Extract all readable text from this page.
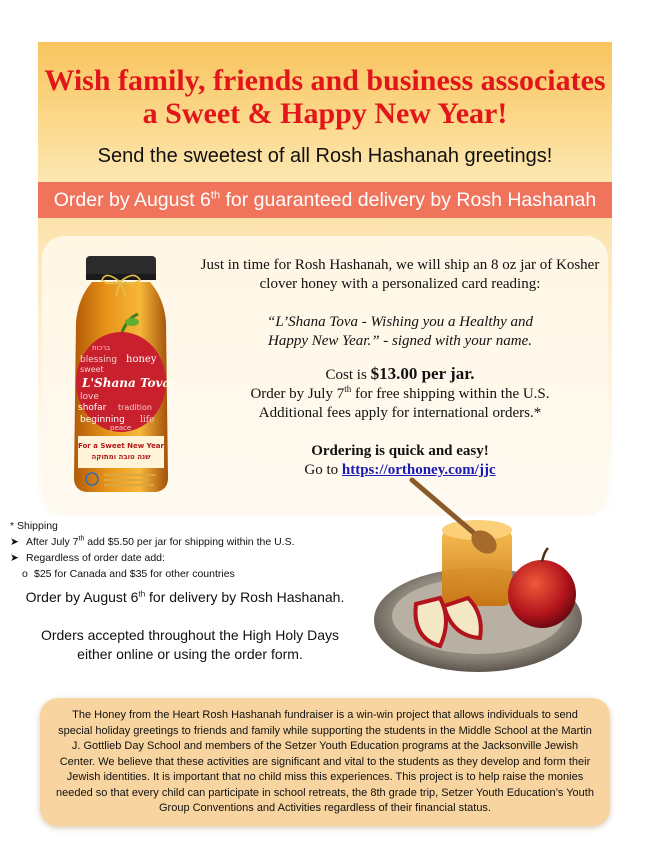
Wish family, friends and business associates a Sweet & Happy New Year!
Send the sweetest of all Rosh Hashanah greetings!
Order by August 6th for guaranteed delivery by Rosh Hashanah
ברכות
blessing honey
sweet
L'Shana Tova
love
shofar tradition
beginning life
peace
For a Sweet New Year
שנה טובה ומתוקה

Just in time for Rosh Hashanah, we will ship an 8 oz jar of Kosher clover honey with a personalized card reading:

“L’Shana Tova - Wishing you a Healthy and
Happy New Year.” - signed with your name.

Cost is $13.00 per jar.

Order by July 7th for free shipping within the U.S.

Additional fees apply for international orders.*

Ordering is quick and easy!

Go to https://orthoney.com/jjc

* Shipping

➤ After July 7th add $5.50 per jar for shipping within the U.S.
➤ Regardless of order date add:
o $25 for Canada and $35 for other countries
Order by August 6th for delivery by Rosh Hashanah.
Orders accepted throughout the High Holy Days either online or using the order form.
The Honey from the Heart Rosh Hashanah fundraiser is a win-win project that allows individuals to send special holiday greetings to friends and family while supporting the students in the Middle School at the Martin J. Gottlieb Day School and members of the Setzer Youth Education programs at the Jacksonville Jewish Center. We believe that these activities are significant and vital to the students as they develop and form their Jewish identities. It is important that no child miss this experiences. This project is to help raise the monies needed so that every child can participate in school retreats, the 8th grade trip, Setzer Youth Education’s Youth Group Conventions and Activities regardless of their financial status.
